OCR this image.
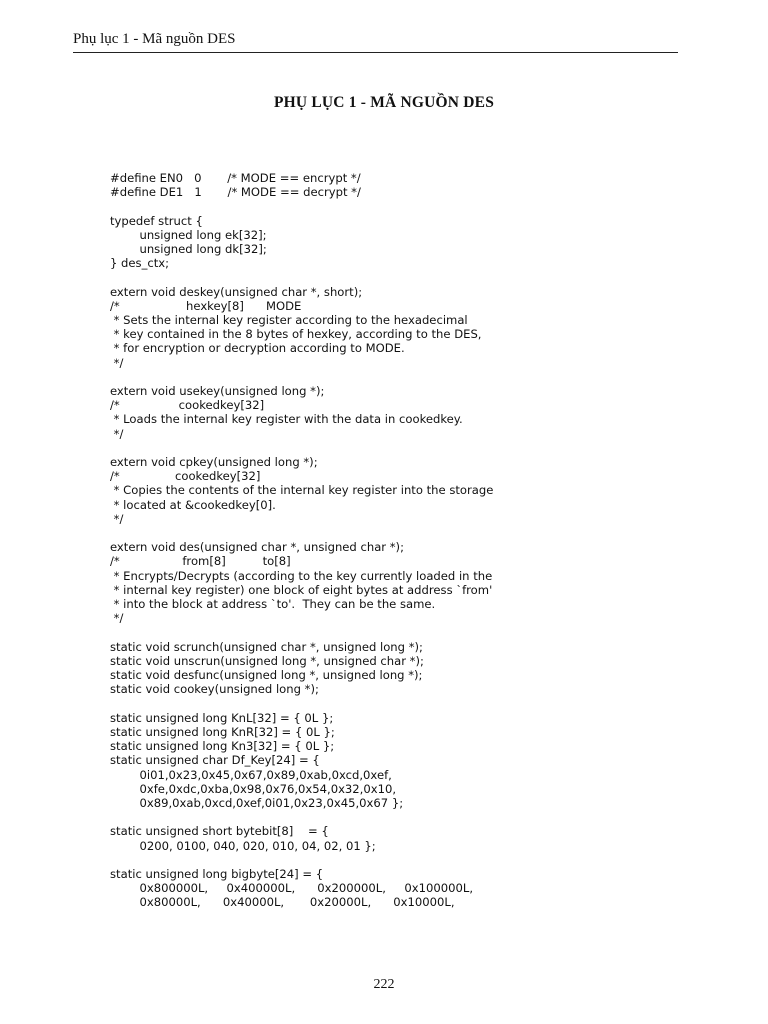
Phụ lục 1 - Mã nguồn DES
PHỤ LỤC 1 - MÃ NGUỒN DES
#define EN0   0       /* MODE == encrypt */
#define DE1   1       /* MODE == decrypt */

typedef struct {
unsigned long ek[32];
unsigned long dk[32];
} des_ctx;

extern void deskey(unsigned char *, short);
/*                  hexkey[8]      MODE
* Sets the internal key register according to the hexadecimal
* key contained in the 8 bytes of hexkey, according to the DES,
* for encryption or decryption according to MODE.
*/

extern void usekey(unsigned long *);
/*                cookedkey[32]
* Loads the internal key register with the data in cookedkey.
*/

extern void cpkey(unsigned long *);
/*               cookedkey[32]
* Copies the contents of the internal key register into the storage
* located at &cookedkey[0].
*/

extern void des(unsigned char *, unsigned char *);
/*                 from[8]          to[8]
* Encrypts/Decrypts (according to the key currently loaded in the
* internal key register) one block of eight bytes at address `from'
* into the block at address `to'.  They can be the same.
*/

static void scrunch(unsigned char *, unsigned long *);
static void unscrun(unsigned long *, unsigned char *);
static void desfunc(unsigned long *, unsigned long *);
static void cookey(unsigned long *);

static unsigned long KnL[32] = { 0L };
static unsigned long KnR[32] = { 0L };
static unsigned long Kn3[32] = { 0L };
static unsigned char Df_Key[24] = {
0i01,0x23,0x45,0x67,0x89,0xab,0xcd,0xef,
0xfe,0xdc,0xba,0x98,0x76,0x54,0x32,0x10,
0x89,0xab,0xcd,0xef,0i01,0x23,0x45,0x67 };

static unsigned short bytebit[8]    = {
0200, 0100, 040, 020, 010, 04, 02, 01 };

static unsigned long bigbyte[24] = {
0x800000L,     0x400000L,      0x200000L,     0x100000L,
0x80000L,      0x40000L,       0x20000L,      0x10000L,
222
